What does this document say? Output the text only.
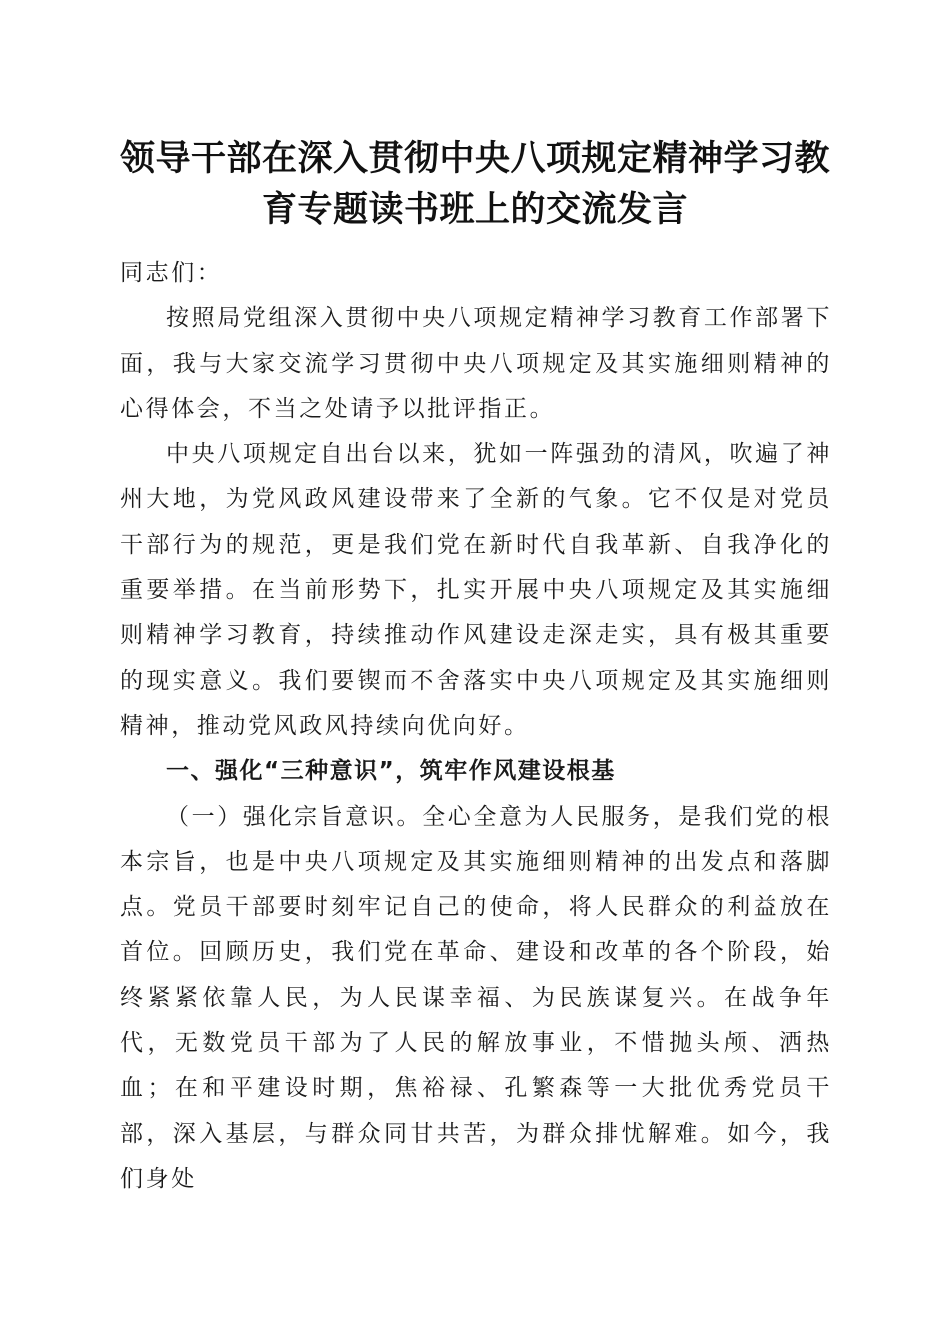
领导干部在深入贯彻中央八项规定精神学习教
育专题读书班上的交流发言

同志们：

按照局党组深入贯彻中央八项规定精神学习教育工作部署下面，我与大家交流学习贯彻中央八项规定及其实施细则精神的心得体会，不当之处请予以批评指正。

中央八项规定自出台以来，犹如一阵强劲的清风，吹遍了神州大地，为党风政风建设带来了全新的气象。它不仅是对党员干部行为的规范，更是我们党在新时代自我革新、自我净化的重要举措。在当前形势下，扎实开展中央八项规定及其实施细则精神学习教育，持续推动作风建设走深走实，具有极其重要的现实意义。我们要锲而不舍落实中央八项规定及其实施细则精神，推动党风政风持续向优向好。

一、强化“三种意识”，筑牢作风建设根基

（一）强化宗旨意识。全心全意为人民服务，是我们党的根本宗旨，也是中央八项规定及其实施细则精神的出发点和落脚点。党员干部要时刻牢记自己的使命，将人民群众的利益放在首位。回顾历史，我们党在革命、建设和改革的各个阶段，始终紧紧依靠人民，为人民谋幸福、为民族谋复兴。在战争年代，无数党员干部为了人民的解放事业，不惜抛头颅、洒热血；在和平建设时期，焦裕禄、孔繁森等一大批优秀党员干部，深入基层，与群众同甘共苦，为群众排忧解难。如今，我们身处
